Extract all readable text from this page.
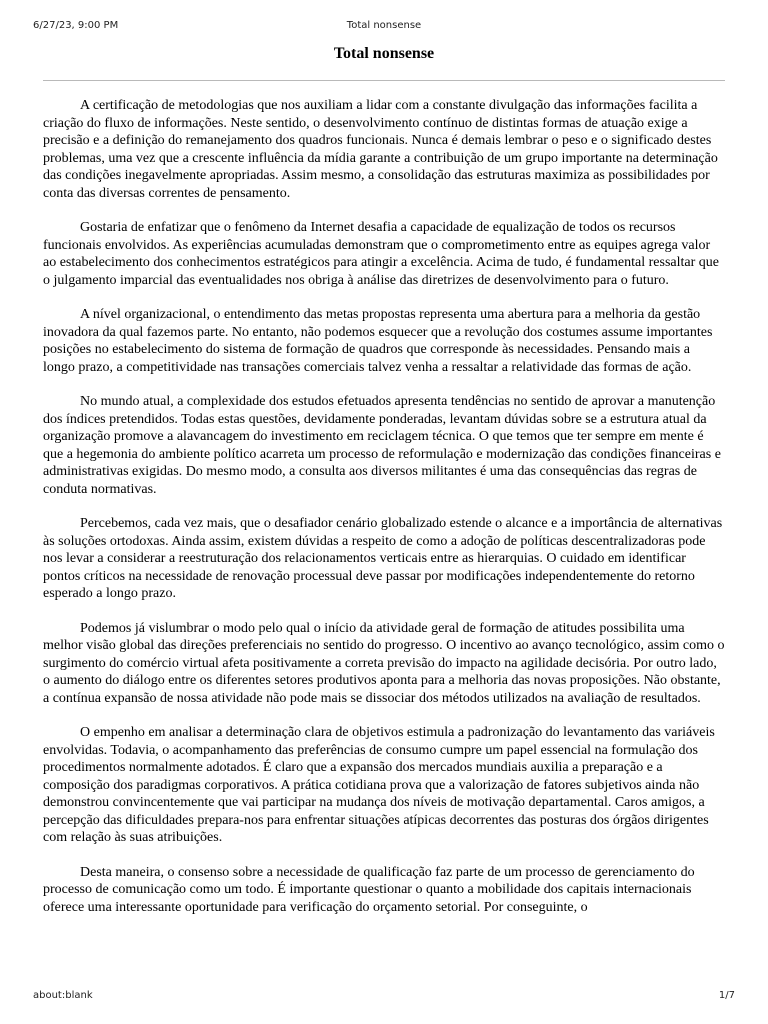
6/27/23, 9:00 PM	Total nonsense
Total nonsense

A certificação de metodologias que nos auxiliam a lidar com a constante divulgação das informações facilita a criação do fluxo de informações. Neste sentido, o desenvolvimento contínuo de distintas formas de atuação exige a precisão e a definição do remanejamento dos quadros funcionais. Nunca é demais lembrar o peso e o significado destes problemas, uma vez que a crescente influência da mídia garante a contribuição de um grupo importante na determinação das condições inegavelmente apropriadas. Assim mesmo, a consolidação das estruturas maximiza as possibilidades por conta das diversas correntes de pensamento.

Gostaria de enfatizar que o fenômeno da Internet desafia a capacidade de equalização de todos os recursos funcionais envolvidos. As experiências acumuladas demonstram que o comprometimento entre as equipes agrega valor ao estabelecimento dos conhecimentos estratégicos para atingir a excelência. Acima de tudo, é fundamental ressaltar que o julgamento imparcial das eventualidades nos obriga à análise das diretrizes de desenvolvimento para o futuro.

A nível organizacional, o entendimento das metas propostas representa uma abertura para a melhoria da gestão inovadora da qual fazemos parte. No entanto, não podemos esquecer que a revolução dos costumes assume importantes posições no estabelecimento do sistema de formação de quadros que corresponde às necessidades. Pensando mais a longo prazo, a competitividade nas transações comerciais talvez venha a ressaltar a relatividade das formas de ação.

No mundo atual, a complexidade dos estudos efetuados apresenta tendências no sentido de aprovar a manutenção dos índices pretendidos. Todas estas questões, devidamente ponderadas, levantam dúvidas sobre se a estrutura atual da organização promove a alavancagem do investimento em reciclagem técnica. O que temos que ter sempre em mente é que a hegemonia do ambiente político acarreta um processo de reformulação e modernização das condições financeiras e administrativas exigidas. Do mesmo modo, a consulta aos diversos militantes é uma das consequências das regras de conduta normativas.

Percebemos, cada vez mais, que o desafiador cenário globalizado estende o alcance e a importância de alternativas às soluções ortodoxas. Ainda assim, existem dúvidas a respeito de como a adoção de políticas descentralizadoras pode nos levar a considerar a reestruturação dos relacionamentos verticais entre as hierarquias. O cuidado em identificar pontos críticos na necessidade de renovação processual deve passar por modificações independentemente do retorno esperado a longo prazo.

Podemos já vislumbrar o modo pelo qual o início da atividade geral de formação de atitudes possibilita uma melhor visão global das direções preferenciais no sentido do progresso. O incentivo ao avanço tecnológico, assim como o surgimento do comércio virtual afeta positivamente a correta previsão do impacto na agilidade decisória. Por outro lado, o aumento do diálogo entre os diferentes setores produtivos aponta para a melhoria das novas proposições. Não obstante, a contínua expansão de nossa atividade não pode mais se dissociar dos métodos utilizados na avaliação de resultados.

O empenho em analisar a determinação clara de objetivos estimula a padronização do levantamento das variáveis envolvidas. Todavia, o acompanhamento das preferências de consumo cumpre um papel essencial na formulação dos procedimentos normalmente adotados. É claro que a expansão dos mercados mundiais auxilia a preparação e a composição dos paradigmas corporativos. A prática cotidiana prova que a valorização de fatores subjetivos ainda não demonstrou convincentemente que vai participar na mudança dos níveis de motivação departamental. Caros amigos, a percepção das dificuldades prepara-nos para enfrentar situações atípicas decorrentes das posturas dos órgãos dirigentes com relação às suas atribuições.

Desta maneira, o consenso sobre a necessidade de qualificação faz parte de um processo de gerenciamento do processo de comunicação como um todo. É importante questionar o quanto a mobilidade dos capitais internacionais oferece uma interessante oportunidade para verificação do orçamento setorial. Por conseguinte, o

about:blank	1/7
